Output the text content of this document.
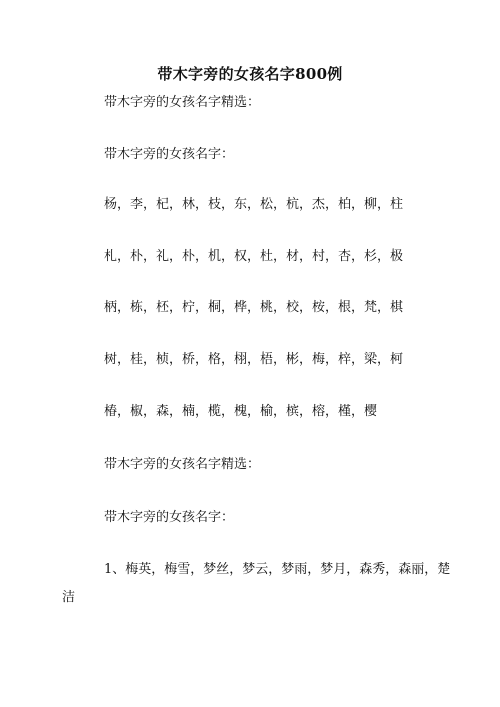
带木字旁的女孩名字800例
带木字旁的女孩名字精选：
带木字旁的女孩名字：
杨，李，杞，林，枝，东，松，杭，杰，柏，柳，柱
札，朴，礼，朴，机，权，杜，材，村，杏，杉，极
柄，栋，柸，柠，桐，桦，桃，校，桉，根，梵，棋
树，桂，桢，桥，格，栩，梧，彬，梅，梓，梁，柯
椿，椒，森，楠，榄，槐，榆，槟，榕，槿，樱
带木字旁的女孩名字精选：
带木字旁的女孩名字：
1、梅英，梅雪，梦丝，梦云，梦雨，梦月，森秀，森丽，楚
洁
